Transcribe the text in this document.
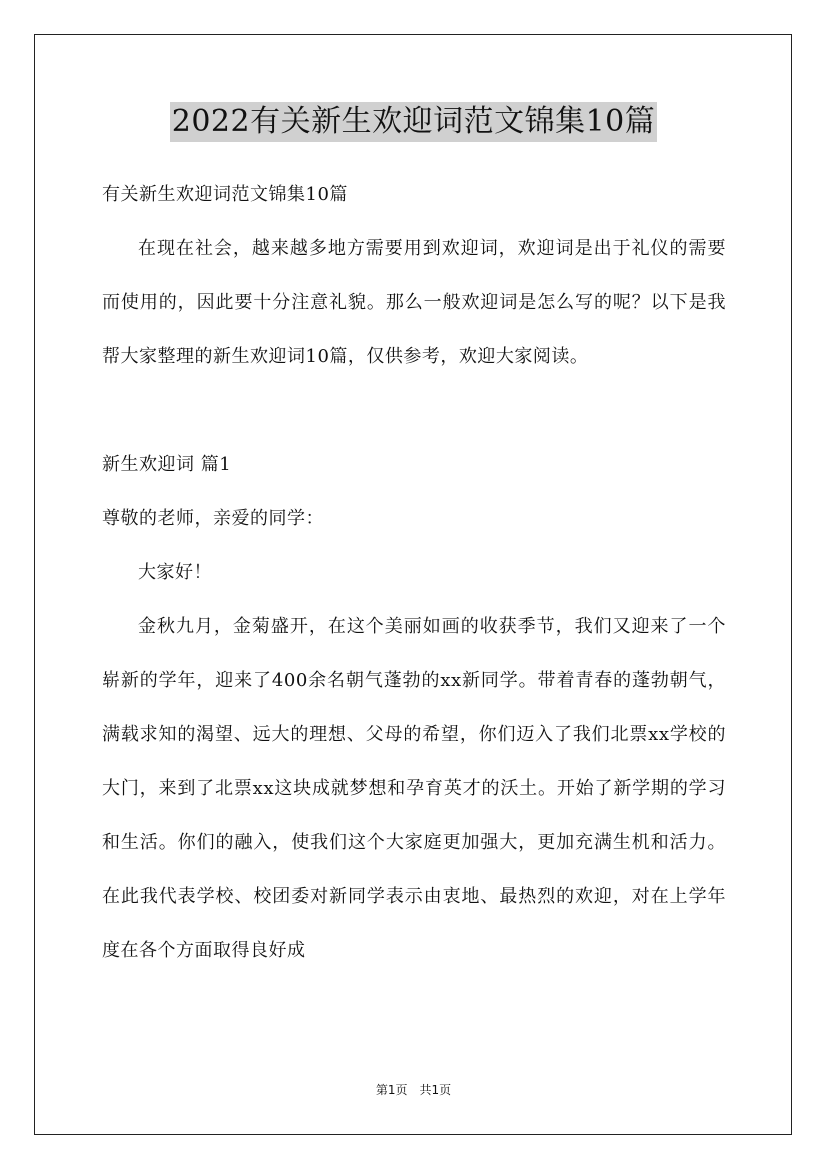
2022有关新生欢迎词范文锦集10篇

有关新生欢迎词范文锦集10篇

在现在社会，越来越多地方需要用到欢迎词，欢迎词是出于礼仪的需要而使用的，因此要十分注意礼貌。那么一般欢迎词是怎么写的呢？以下是我帮大家整理的新生欢迎词10篇，仅供参考，欢迎大家阅读。

新生欢迎词 篇1

尊敬的老师，亲爱的同学：

大家好！

金秋九月，金菊盛开，在这个美丽如画的收获季节，我们又迎来了一个崭新的学年，迎来了400余名朝气蓬勃的xx新同学。带着青春的蓬勃朝气，满载求知的渴望、远大的理想、父母的希望，你们迈入了我们北票xx学校的大门，来到了北票xx这块成就梦想和孕育英才的沃土。开始了新学期的学习和生活。你们的融入，使我们这个大家庭更加强大，更加充满生机和活力。在此我代表学校、校团委对新同学表示由衷地、最热烈的欢迎，对在上学年度在各个方面取得良好成

第1页　共1页
